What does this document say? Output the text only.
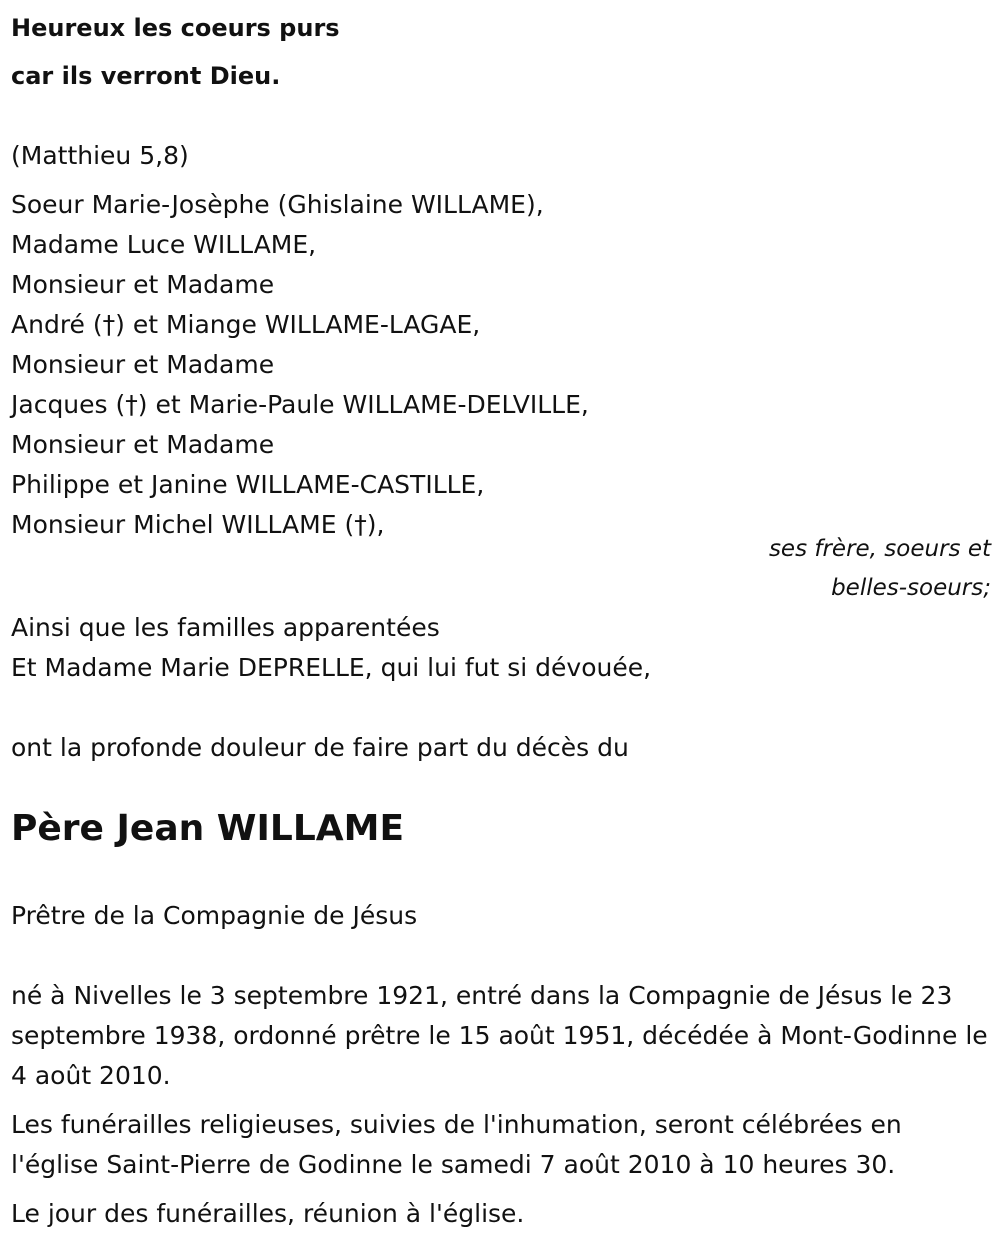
Heureux les coeurs purs

car ils verront Dieu.

(Matthieu 5,8)

Soeur Marie-Josèphe (Ghislaine WILLAME),
Madame Luce WILLAME,
Monsieur et Madame
André (†) et Miange WILLAME-LAGAE,
Monsieur et Madame
Jacques (†) et Marie-Paule WILLAME-DELVILLE,
Monsieur et Madame
Philippe et Janine WILLAME-CASTILLE,
Monsieur Michel WILLAME (†),

ses frère, soeurs et
belles-soeurs;

Ainsi que les familles apparentées
Et Madame Marie DEPRELLE, qui lui fut si dévouée,

ont la profonde douleur de faire part du décès du

Père Jean WILLAME

Prêtre de la Compagnie de Jésus

né à Nivelles le 3 septembre 1921, entré dans la Compagnie de Jésus le 23 septembre 1938, ordonné prêtre le 15 août 1951, décédée à Mont-Godinne le 4 août 2010.

Les funérailles religieuses, suivies de l'inhumation, seront célébrées en l'église Saint-Pierre de Godinne le samedi 7 août 2010 à 10 heures 30.

Le jour des funérailles, réunion à l'église.
